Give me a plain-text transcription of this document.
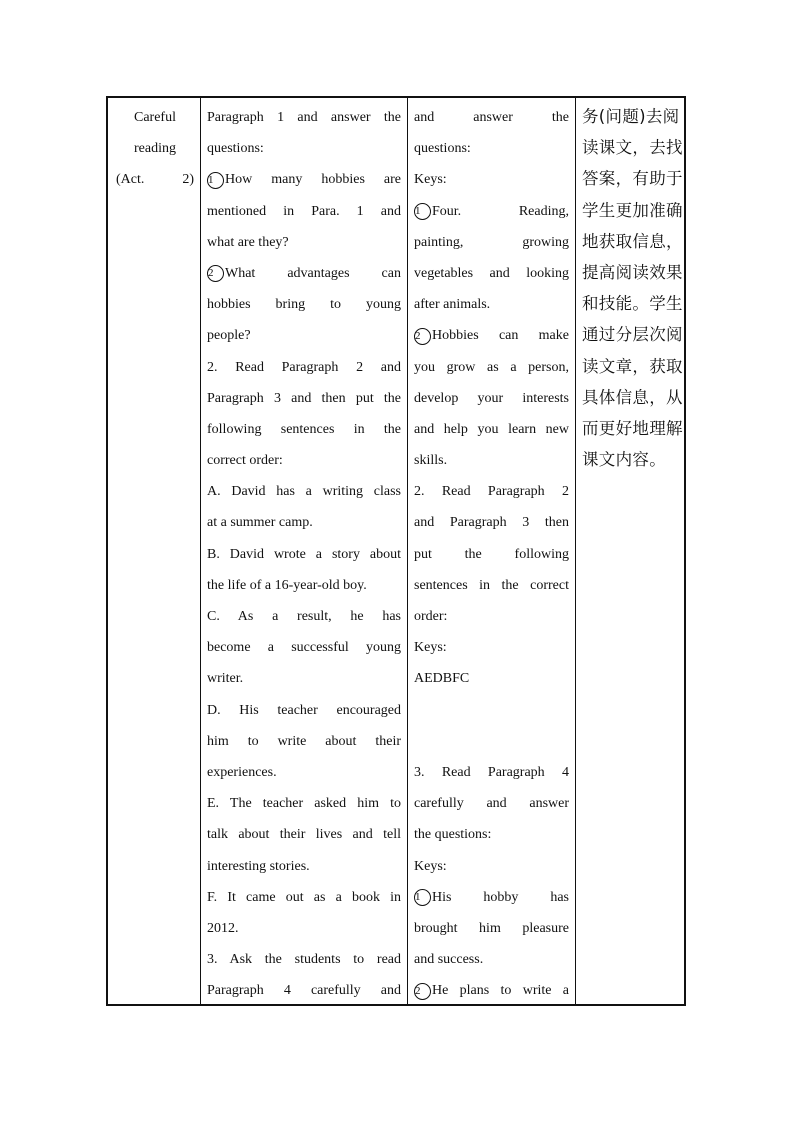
Careful
reading
(Act.	2)
Paragraph 1 and answer the
questions:
1 How many hobbies are
mentioned in Para. 1 and
what are they?
2 What advantages can
hobbies bring to young
people?
2. Read Paragraph 2 and
Paragraph 3 and then put the
following sentences in the
correct order:
A. David has a writing class
at a summer camp.
B. David wrote a story about
the life of a 16-year-old boy.
C. As a result, he has
become a successful young
writer.
D. His teacher encouraged
him to write about their
experiences.
E. The teacher asked him to
talk about their lives and tell
interesting stories.
F. It came out as a book in
2012.
3. Ask the students to read
Paragraph 4 carefully and
and answer the
questions:
Keys:
1 Four. Reading,
painting, growing
vegetables and looking
after animals.
2 Hobbies can make
you grow as a person,
develop your interests
and help you learn new
skills.
2. Read Paragraph 2
and Paragraph 3 then
put the following
sentences in the correct
order:
Keys:
AEDBFC
3. Read Paragraph 4
carefully and answer
the questions:
Keys:
1 His hobby has
brought him pleasure
and success.
2 He plans to write a
务(问题)去阅
读课文，去找
答案，有助于
学生更加准确
地获取信息，
提高阅读效果
和技能。学生
通过分层次阅
读文章，获取
具体信息，从
而更好地理解
课文内容。
